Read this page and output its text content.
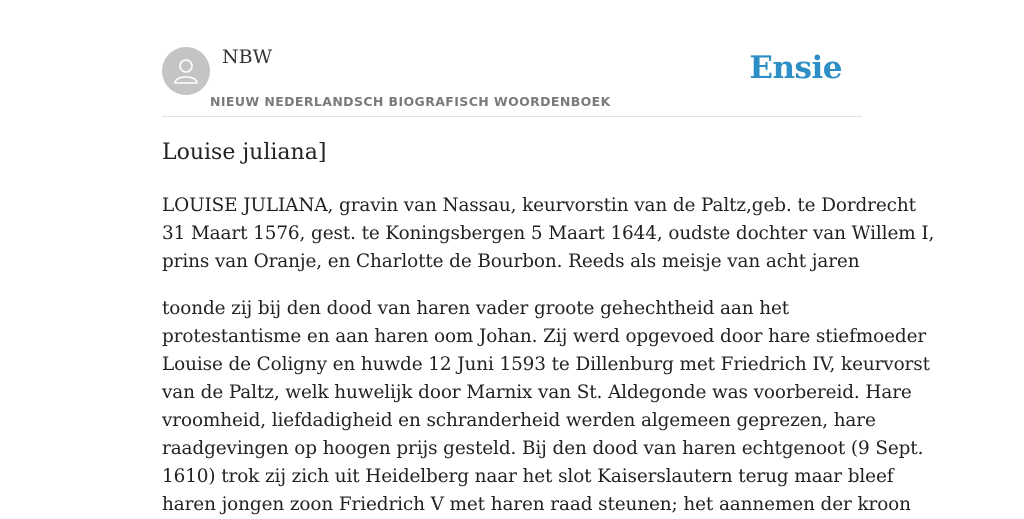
NBW
NIEUW NEDERLANDSCH BIOGRAFISCH WOORDENBOEK
Ensie
Louise juliana]

LOUISE JULIANA, gravin van Nassau, keurvorstin van de Paltz,geb. te Dordrecht
31 Maart 1576, gest. te Koningsbergen 5 Maart 1644, oudste dochter van Willem I,
prins van Oranje, en Charlotte de Bourbon. Reeds als meisje van acht jaren

toonde zij bij den dood van haren vader groote gehechtheid aan het
protestantisme en aan haren oom Johan. Zij werd opgevoed door hare stiefmoeder
Louise de Coligny en huwde 12 Juni 1593 te Dillenburg met Friedrich IV, keurvorst
van de Paltz, welk huwelijk door Marnix van St. Aldegonde was voorbereid. Hare
vroomheid, liefdadigheid en schranderheid werden algemeen geprezen, hare
raadgevingen op hoogen prijs gesteld. Bij den dood van haren echtgenoot (9 Sept.
1610) trok zij zich uit Heidelberg naar het slot Kaiserslautern terug maar bleef
haren jongen zoon Friedrich V met haren raad steunen; het aannemen der kroon
